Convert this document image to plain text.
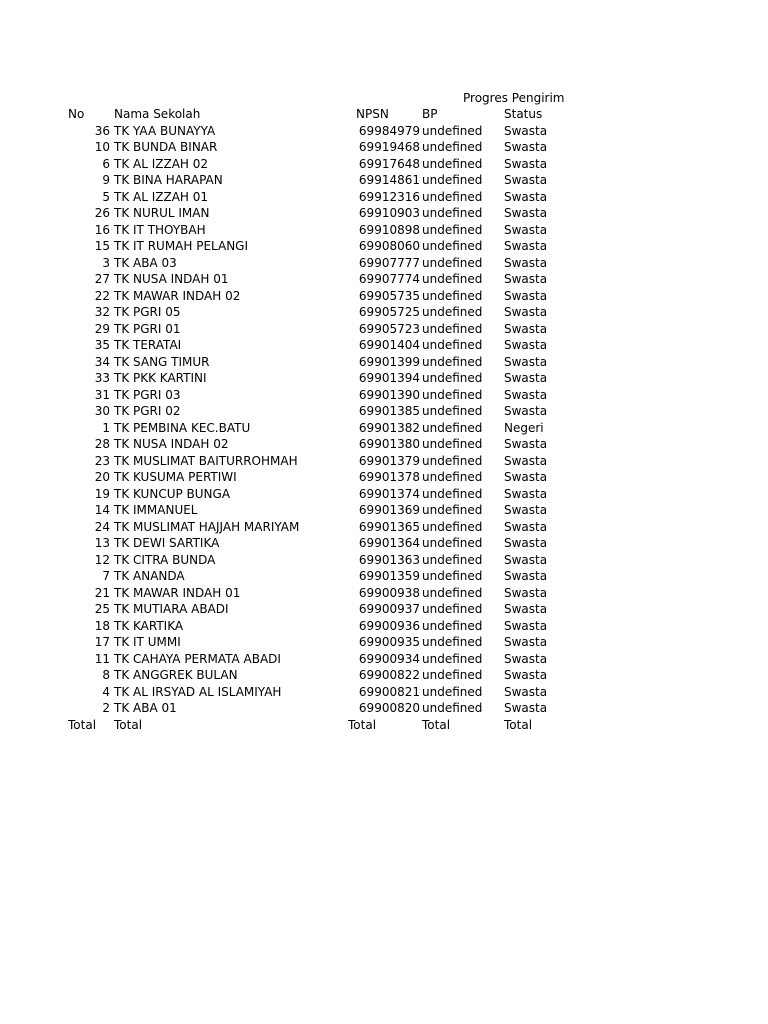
Progres Pengirim
No	Nama Sekolah	NPSN	BP	Status
36	TK YAA BUNAYYA	69984979	undefined	Swasta
10	TK BUNDA BINAR	69919468	undefined	Swasta
6	TK AL IZZAH 02	69917648	undefined	Swasta
9	TK BINA HARAPAN	69914861	undefined	Swasta
5	TK AL IZZAH 01	69912316	undefined	Swasta
26	TK NURUL IMAN	69910903	undefined	Swasta
16	TK IT THOYBAH	69910898	undefined	Swasta
15	TK IT RUMAH PELANGI	69908060	undefined	Swasta
3	TK ABA 03	69907777	undefined	Swasta
27	TK NUSA INDAH 01	69907774	undefined	Swasta
22	TK MAWAR INDAH 02	69905735	undefined	Swasta
32	TK PGRI 05	69905725	undefined	Swasta
29	TK PGRI 01	69905723	undefined	Swasta
35	TK TERATAI	69901404	undefined	Swasta
34	TK SANG TIMUR	69901399	undefined	Swasta
33	TK PKK KARTINI	69901394	undefined	Swasta
31	TK PGRI 03	69901390	undefined	Swasta
30	TK PGRI 02	69901385	undefined	Swasta
1	TK PEMBINA KEC.BATU	69901382	undefined	Negeri
28	TK NUSA INDAH 02	69901380	undefined	Swasta
23	TK MUSLIMAT BAITURROHMAH	69901379	undefined	Swasta
20	TK KUSUMA PERTIWI	69901378	undefined	Swasta
19	TK KUNCUP BUNGA	69901374	undefined	Swasta
14	TK IMMANUEL	69901369	undefined	Swasta
24	TK MUSLIMAT HAJJAH MARIYAM	69901365	undefined	Swasta
13	TK DEWI SARTIKA	69901364	undefined	Swasta
12	TK CITRA BUNDA	69901363	undefined	Swasta
7	TK ANANDA	69901359	undefined	Swasta
21	TK MAWAR INDAH 01	69900938	undefined	Swasta
25	TK MUTIARA ABADI	69900937	undefined	Swasta
18	TK KARTIKA	69900936	undefined	Swasta
17	TK IT UMMI	69900935	undefined	Swasta
11	TK CAHAYA PERMATA ABADI	69900934	undefined	Swasta
8	TK ANGGREK BULAN	69900822	undefined	Swasta
4	TK AL IRSYAD AL ISLAMIYAH	69900821	undefined	Swasta
2	TK ABA 01	69900820	undefined	Swasta
Total	Total	Total	Total	Total
